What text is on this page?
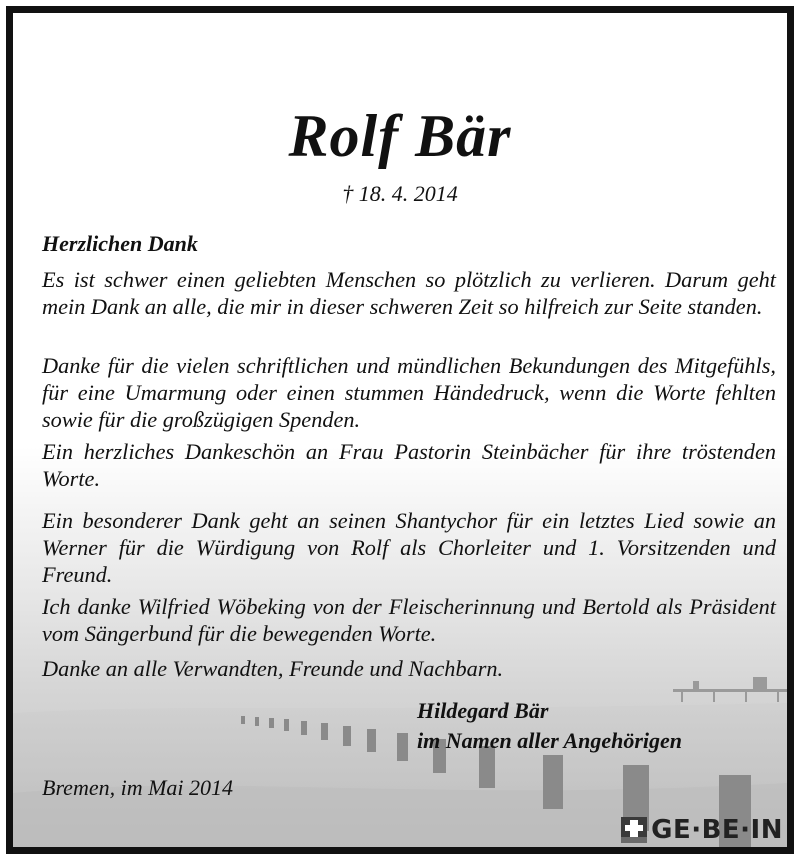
Rolf Bär
† 18. 4. 2014
Herzlichen Dank
Es ist schwer einen geliebten Menschen so plötzlich zu verlieren. Darum geht mein Dank an alle, die mir in dieser schweren Zeit so hilfreich zur Seite standen.
Danke für die vielen schriftlichen und mündlichen Bekundungen des Mitgefühls, für eine Umarmung oder einen stummen Händedruck, wenn die Worte fehlten sowie für die großzügigen Spenden.
Ein herzliches Dankeschön an Frau Pastorin Steinbächer für ihre tröstenden Worte.
Ein besonderer Dank geht an seinen Shantychor für ein letztes Lied sowie an Werner für die Würdigung von Rolf als Chorleiter und 1. Vorsitzenden und Freund.
Ich danke Wilfried Wöbeking von der Fleischerinnung und Bertold als Präsident vom Sängerbund für die bewegenden Worte.
Danke an alle Verwandten, Freunde und Nachbarn.
Hildegard Bär
im Namen aller Angehörigen
Bremen, im Mai 2014
GE·BE·IN
